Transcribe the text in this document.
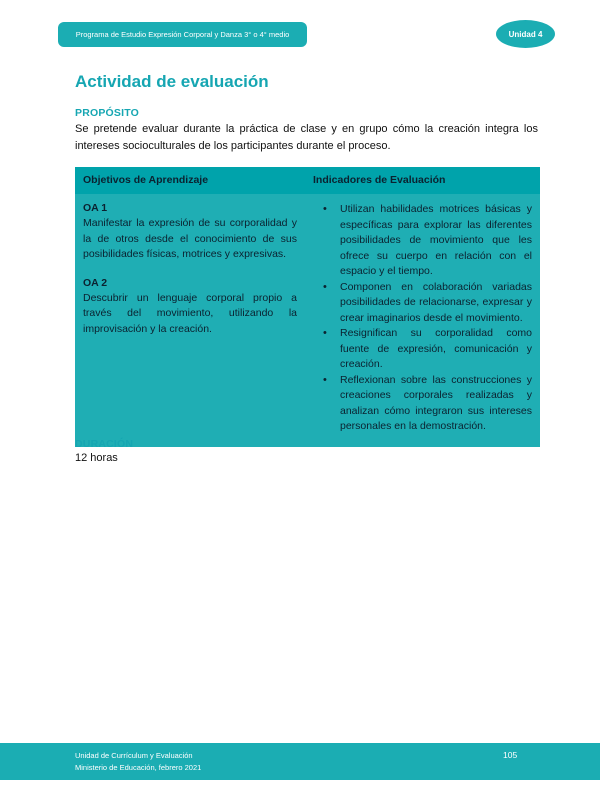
Programa de Estudio Expresión Corporal y Danza 3° o 4° medio	Unidad 4
Actividad de evaluación
PROPÓSITO

Se pretende evaluar durante la práctica de clase y en grupo cómo la creación integra los intereses socioculturales de los participantes durante el proceso.

Objetivos de Aprendizaje	Indicadores de Evaluación
OA 1
Manifestar la expresión de su corporalidad y la de otros desde el conocimiento de sus posibilidades físicas, motrices y expresivas.
OA 2
Descubrir un lenguaje corporal propio a través del movimiento, utilizando la improvisación y la creación.
• Utilizan habilidades motrices básicas y específicas para explorar las diferentes posibilidades de movimiento que les ofrece su cuerpo en relación con el espacio y el tiempo.
• Componen en colaboración variadas posibilidades de relacionarse, expresar y crear imaginarios desde el movimiento.
• Resignifican su corporalidad como fuente de expresión, comunicación y creación.
• Reflexionan sobre las construcciones y creaciones corporales realizadas y analizan cómo integraron sus intereses personales en la demostración.
DURACIÓN
12 horas
Unidad de Currículum y Evaluación
Ministerio de Educación, febrero 2021
105
